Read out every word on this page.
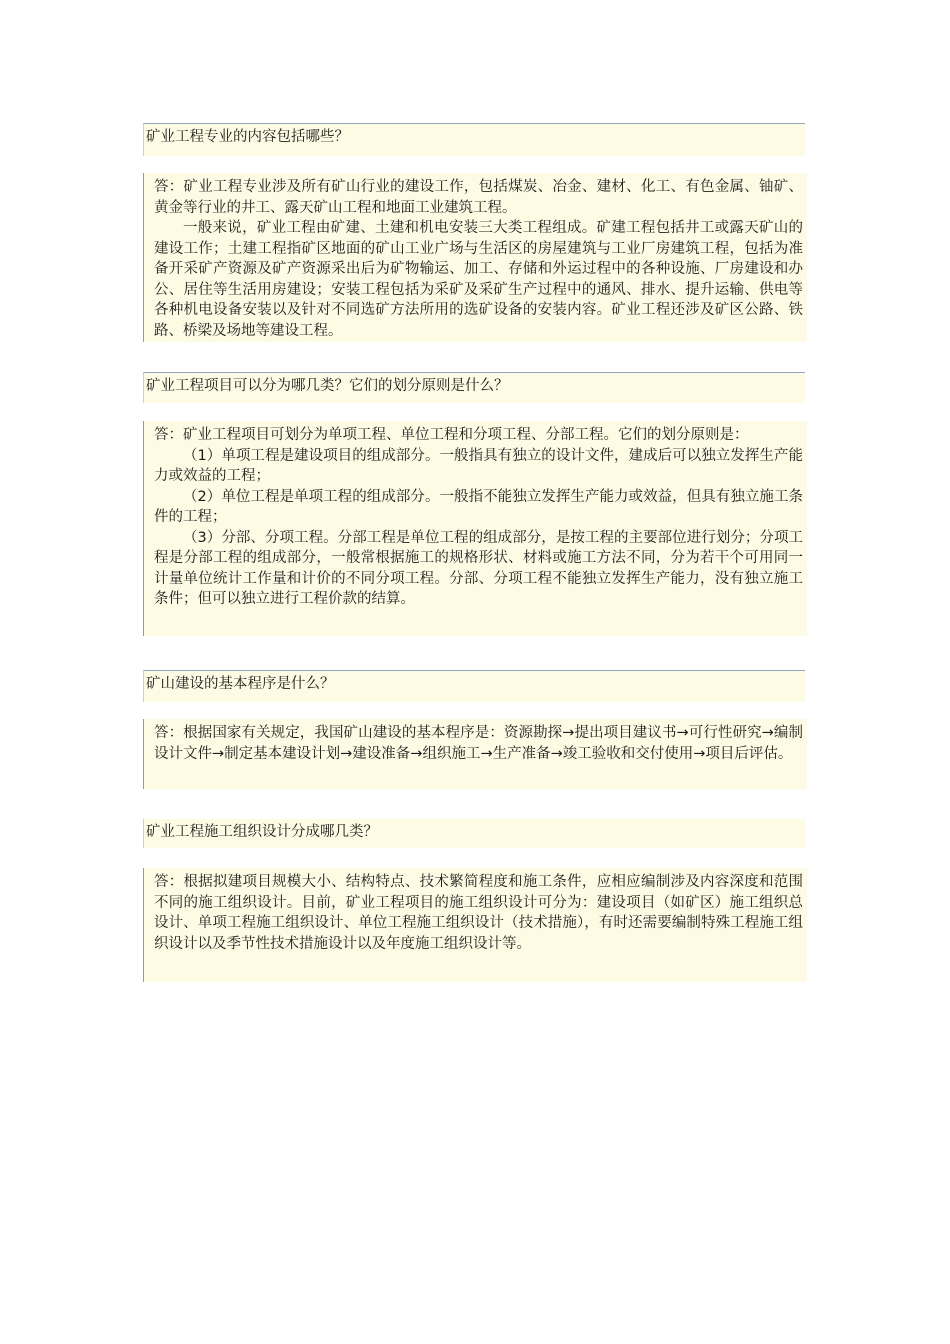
矿业工程专业的内容包括哪些？

答：矿业工程专业涉及所有矿山行业的建设工作，包括煤炭、冶金、建材、化工、有色金属、铀矿、黄金等行业的井工、露天矿山工程和地面工业建筑工程。

一般来说，矿业工程由矿建、土建和机电安装三大类工程组成。矿建工程包括井工或露天矿山的建设工作；土建工程指矿区地面的矿山工业广场与生活区的房屋建筑与工业厂房建筑工程，包括为准备开采矿产资源及矿产资源采出后为矿物输运、加工、存储和外运过程中的各种设施、厂房建设和办公、居住等生活用房建设；安装工程包括为采矿及采矿生产过程中的通风、排水、提升运输、供电等各种机电设备安装以及针对不同选矿方法所用的选矿设备的安装内容。矿业工程还涉及矿区公路、铁路、桥梁及场地等建设工程。

矿业工程项目可以分为哪几类？它们的划分原则是什么？

答：矿业工程项目可划分为单项工程、单位工程和分项工程、分部工程。它们的划分原则是：

（1）单项工程是建设项目的组成部分。一般指具有独立的设计文件，建成后可以独立发挥生产能力或效益的工程；

（2）单位工程是单项工程的组成部分。一般指不能独立发挥生产能力或效益，但具有独立施工条件的工程；

（3）分部、分项工程。分部工程是单位工程的组成部分，是按工程的主要部位进行划分；分项工程是分部工程的组成部分，一般常根据施工的规格形状、材料或施工方法不同，分为若干个可用同一计量单位统计工作量和计价的不同分项工程。分部、分项工程不能独立发挥生产能力，没有独立施工条件；但可以独立进行工程价款的结算。

矿山建设的基本程序是什么？

答：根据国家有关规定，我国矿山建设的基本程序是：资源勘探→提出项目建议书→可行性研究→编制设计文件→制定基本建设计划→建设准备→组织施工→生产准备→竣工验收和交付使用→项目后评估。

矿业工程施工组织设计分成哪几类？

答：根据拟建项目规模大小、结构特点、技术繁简程度和施工条件，应相应编制涉及内容深度和范围不同的施工组织设计。目前，矿业工程项目的施工组织设计可分为：建设项目（如矿区）施工组织总设计、单项工程施工组织设计、单位工程施工组织设计（技术措施），有时还需要编制特殊工程施工组织设计以及季节性技术措施设计以及年度施工组织设计等。
